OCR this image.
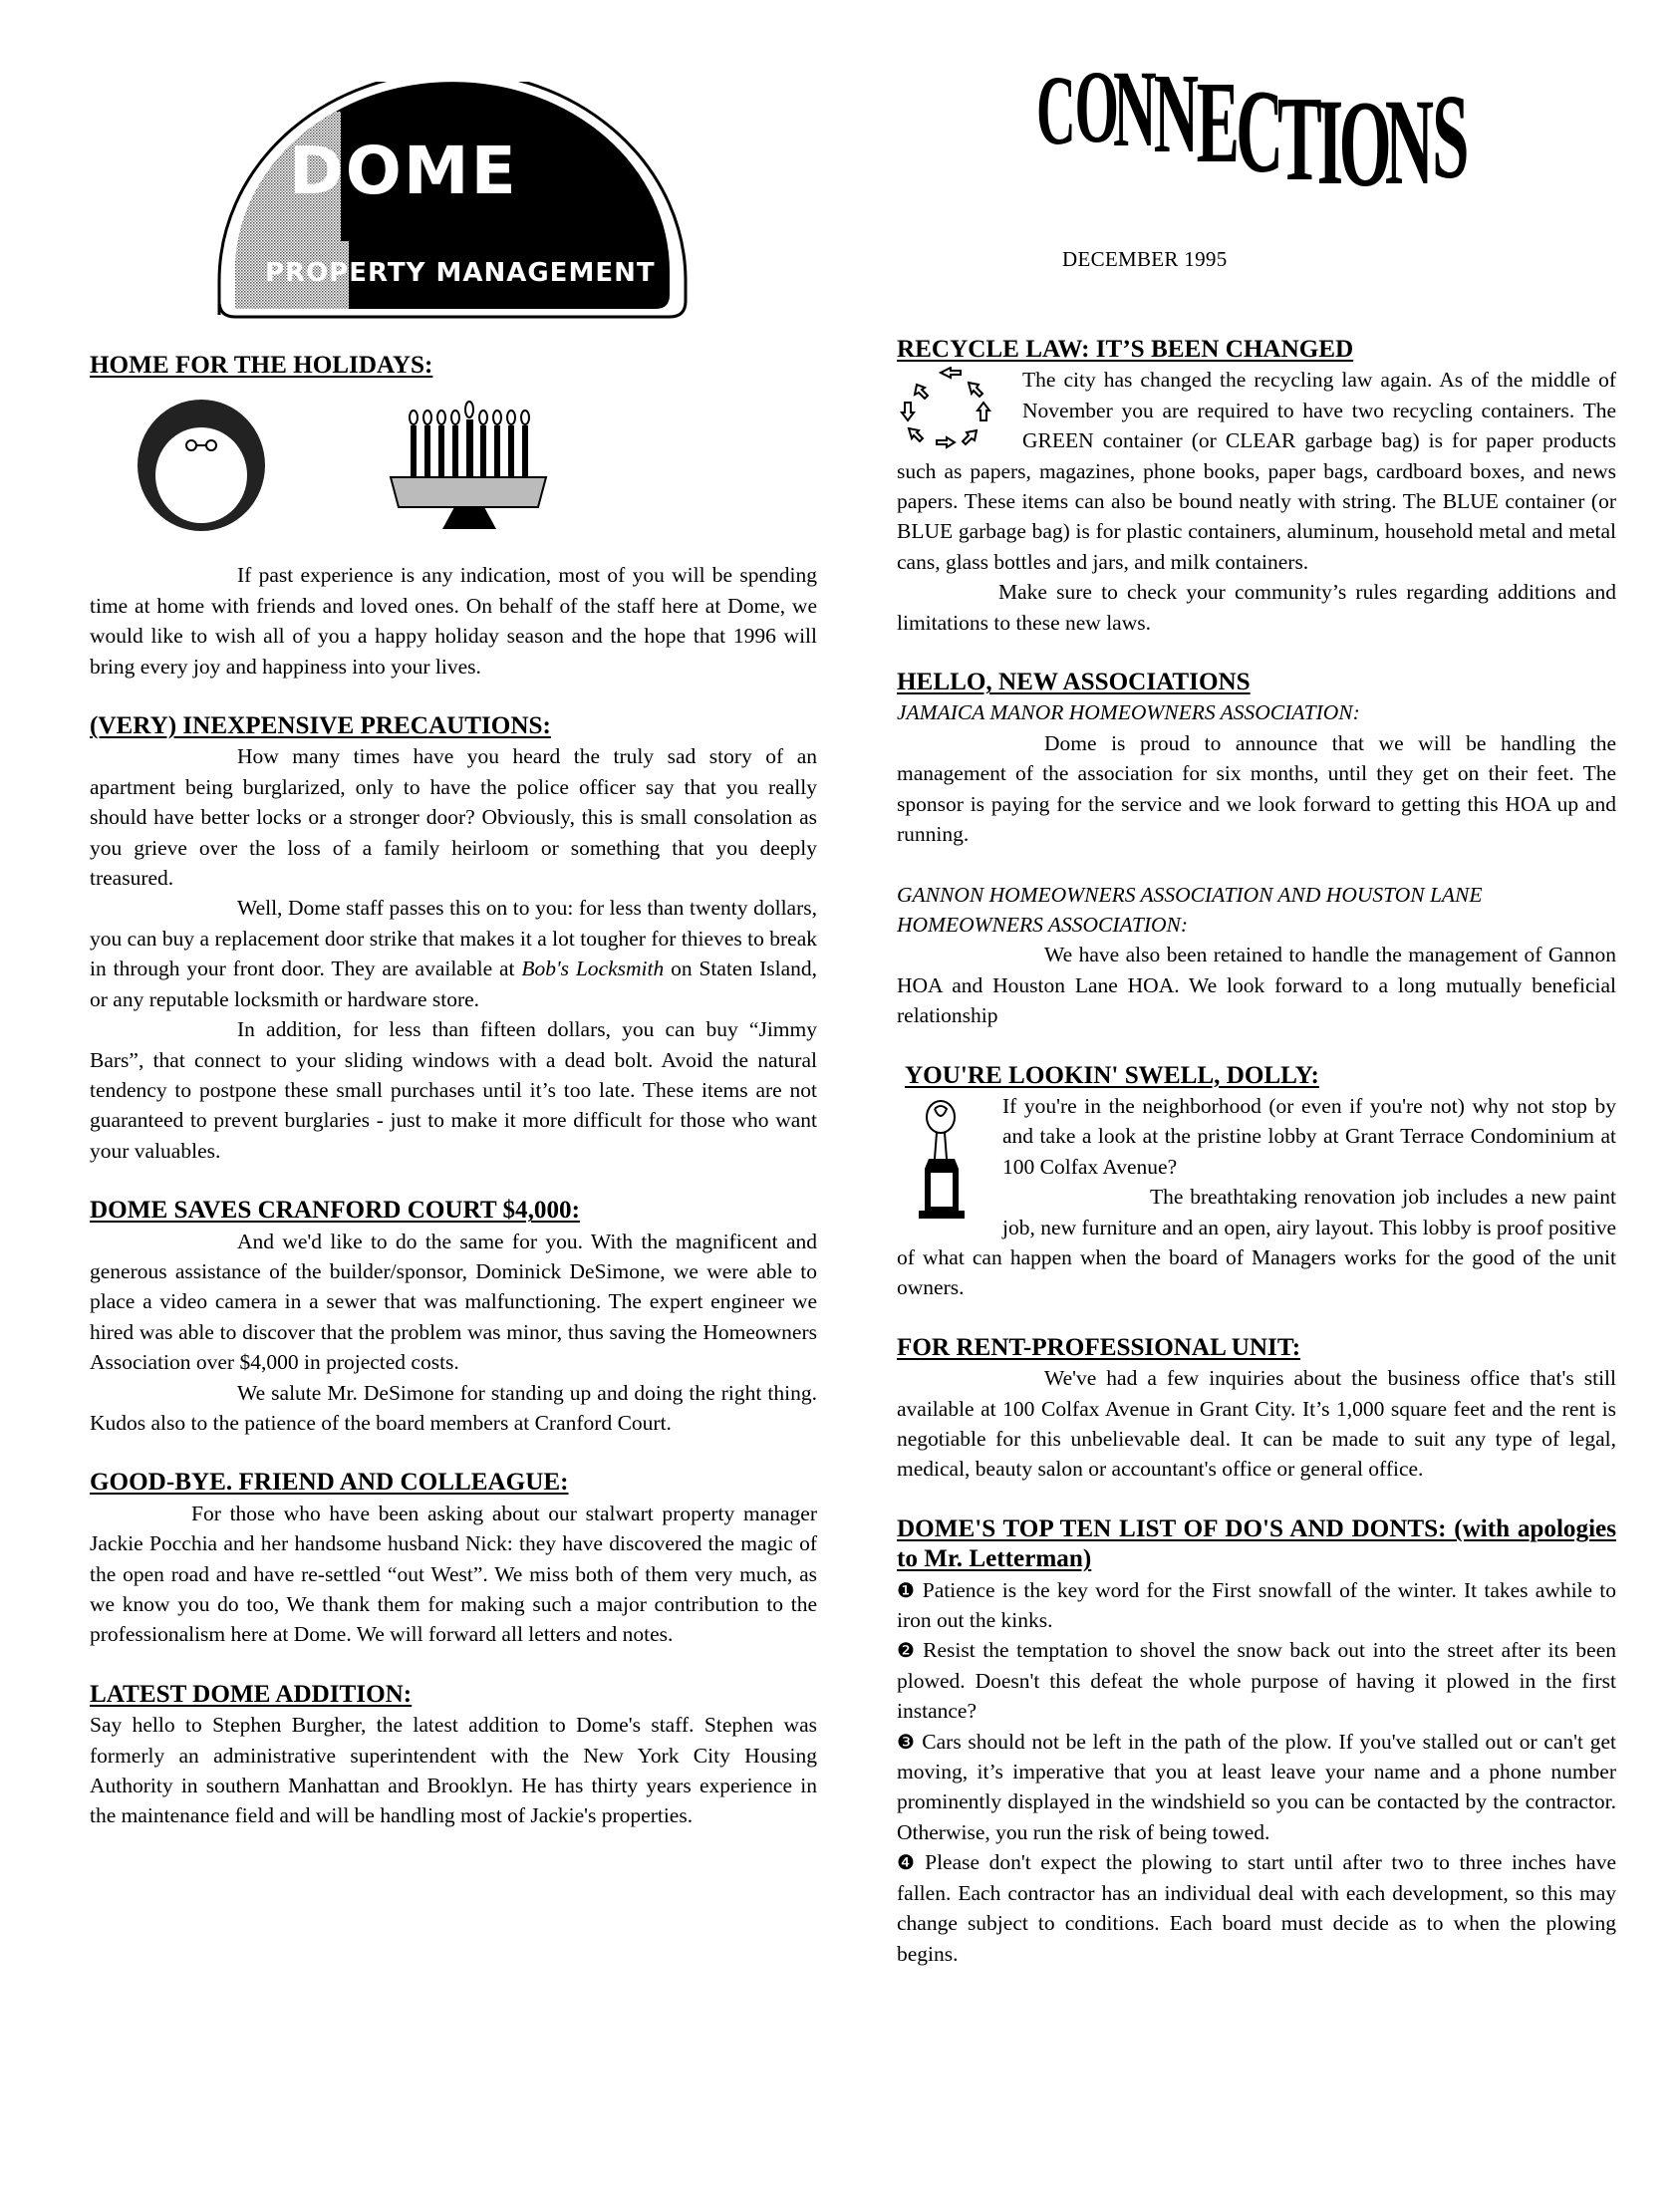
DOME
PROPERTY MANAGEMENT
C
O
N
N
E
C
T
I
O
N
S
DECEMBER 1995
HOME FOR THE HOLIDAYS:

If past experience is any indication, most of you will be spending time at home with friends and loved ones. On behalf of the staff here at Dome, we would like to wish all of you a happy holiday season and the hope that 1996 will bring every joy and happiness into your lives.

(VERY) INEXPENSIVE PRECAUTIONS:

How many times have you heard the truly sad story of an apartment being burglarized, only to have the police officer say that you really should have better locks or a stronger door? Obviously, this is small consolation as you grieve over the loss of a family heirloom or something that you deeply treasured.

Well, Dome staff passes this on to you: for less than twenty dollars, you can buy a replacement door strike that makes it a lot tougher for thieves to break in through your front door. They are available at Bob's Locksmith on Staten Island, or any reputable locksmith or hardware store.

In addition, for less than fifteen dollars, you can buy “Jimmy Bars”, that connect to your sliding windows with a dead bolt. Avoid the natural tendency to postpone these small purchases until it’s too late. These items are not guaranteed to prevent burglaries - just to make it more difficult for those who want your valuables.

DOME SAVES CRANFORD COURT $4,000:

And we'd like to do the same for you. With the magnificent and generous assistance of the builder/sponsor, Dominick DeSimone, we were able to place a video camera in a sewer that was malfunctioning. The expert engineer we hired was able to discover that the problem was minor, thus saving the Homeowners Association over $4,000 in projected costs.

We salute Mr. DeSimone for standing up and doing the right thing. Kudos also to the patience of the board members at Cranford Court.

GOOD-BYE. FRIEND AND COLLEAGUE:

For those who have been asking about our stalwart property manager Jackie Pocchia and her handsome husband Nick: they have discovered the magic of the open road and have re-settled “out West”. We miss both of them very much, as we know you do too, We thank them for making such a major contribution to the professionalism here at Dome. We will forward all letters and notes.

LATEST DOME ADDITION:

Say hello to Stephen Burgher, the latest addition to Dome's staff. Stephen was formerly an administrative superintendent with the New York City Housing Authority in southern Manhattan and Brooklyn. He has thirty years experience in the maintenance field and will be handling most of Jackie's properties.

RECYCLE LAW: IT’S BEEN CHANGED

The city has changed the recycling law again. As of the middle of November you are required to have two recycling containers. The GREEN container (or CLEAR garbage bag) is for paper products such as papers, magazines, phone books, paper bags, cardboard boxes, and news papers. These items can also be bound neatly with string. The BLUE container (or BLUE garbage bag) is for plastic containers, aluminum, household metal and metal cans, glass bottles and jars, and milk containers.

Make sure to check your community’s rules regarding additions and limitations to these new laws.

HELLO, NEW ASSOCIATIONS

JAMAICA MANOR HOMEOWNERS ASSOCIATION:

Dome is proud to announce that we will be handling the management of the association for six months, until they get on their feet. The sponsor is paying for the service and we look forward to getting this HOA up and running.

GANNON HOMEOWNERS ASSOCIATION AND HOUSTON LANE HOMEOWNERS ASSOCIATION:

We have also been retained to handle the management of Gannon HOA and Houston Lane HOA. We look forward to a long mutually beneficial relationship

YOU'RE LOOKIN' SWELL, DOLLY:

If you're in the neighborhood (or even if you're not) why not stop by and take a look at the pristine lobby at Grant Terrace Condominium at 100 Colfax Avenue?

The breathtaking renovation job includes a new paint job, new furniture and an open, airy layout. This lobby is proof positive of what can happen when the board of Managers works for the good of the unit owners.

FOR RENT-PROFESSIONAL UNIT:

We've had a few inquiries about the business office that's still available at 100 Colfax Avenue in Grant City. It’s 1,000 square feet and the rent is negotiable for this unbelievable deal. It can be made to suit any type of legal, medical, beauty salon or accountant's office or general office.

DOME'S TOP TEN LIST OF DO'S AND DONTS: (with apologies to Mr. Letterman)

❶ Patience is the key word for the First snowfall of the winter. It takes awhile to iron out the kinks.

❷ Resist the temptation to shovel the snow back out into the street after its been plowed. Doesn't this defeat the whole purpose of having it plowed in the first instance?

❸ Cars should not be left in the path of the plow. If you've stalled out or can't get moving, it’s imperative that you at least leave your name and a phone number prominently displayed in the windshield so you can be contacted by the contractor. Otherwise, you run the risk of being towed.

❹ Please don't expect the plowing to start until after two to three inches have fallen. Each contractor has an individual deal with each development, so this may change subject to conditions. Each board must decide as to when the plowing begins.
